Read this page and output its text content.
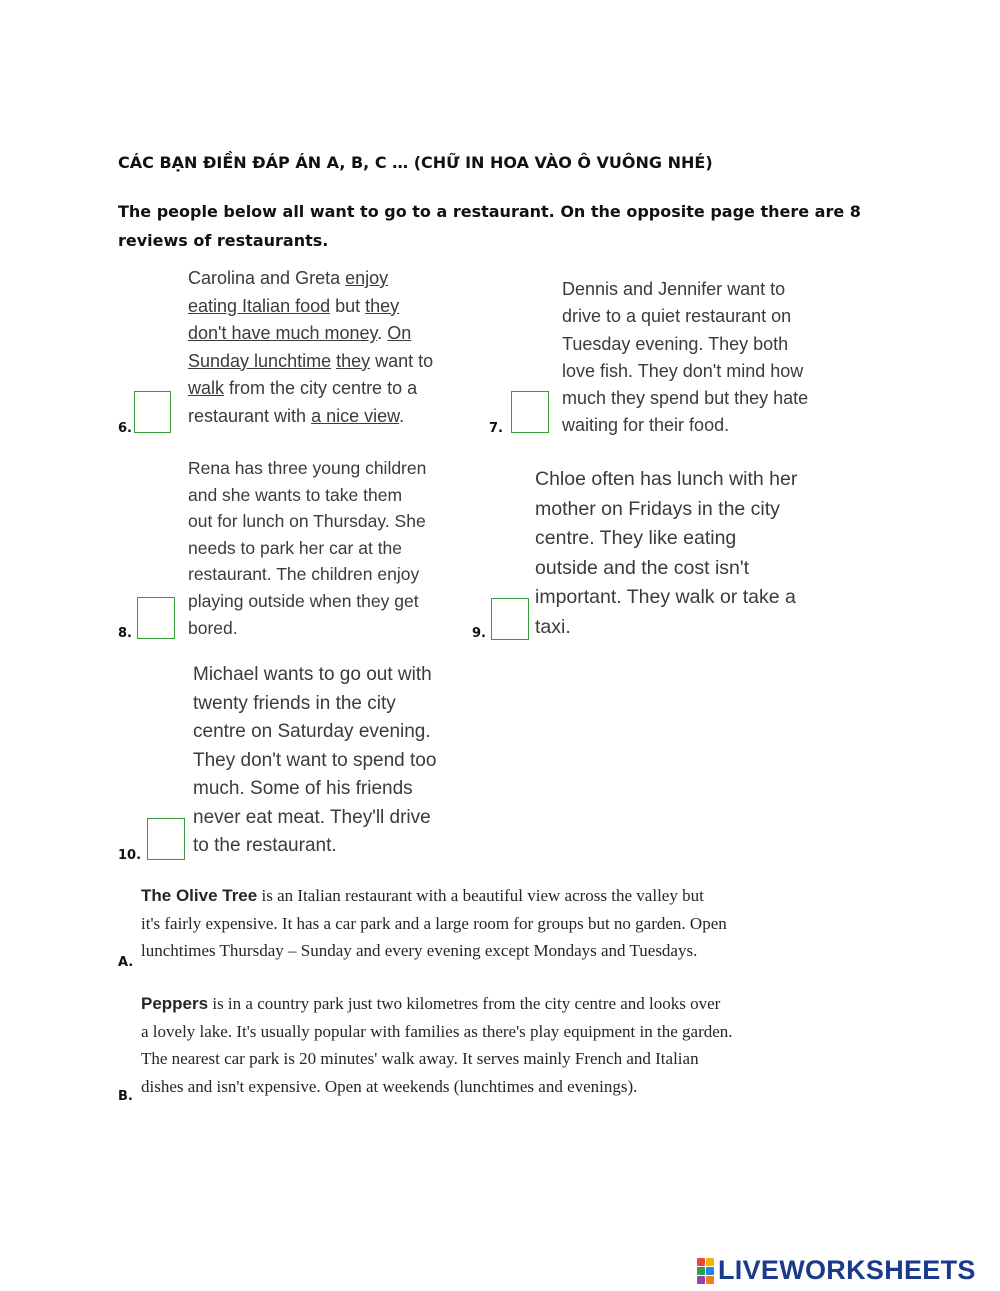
CÁC BẠN ĐIỀN ĐÁP ÁN A, B, C … (CHỮ IN HOA VÀO Ô VUÔNG NHÉ)
The people below all want to go to a restaurant. On the opposite page there are 8 reviews of restaurants.
6.
Carolina and Greta enjoy
eating Italian food but they
don't have much money. On
Sunday lunchtime they want to
walk from the city centre to a
restaurant with a nice view.
7.
Dennis and Jennifer want to
drive to a quiet restaurant on
Tuesday evening. They both
love fish. They don't mind how
much they spend but they hate
waiting for their food.
8.
Rena has three young children
and she wants to take them
out for lunch on Thursday. She
needs to park her car at the
restaurant. The children enjoy
playing outside when they get
bored.	9.
Chloe often has lunch with her
mother on Fridays in the city
centre. They like eating
outside and the cost isn't
important. They walk or take a
taxi.
10.
Michael wants to go out with
twenty friends in the city
centre on Saturday evening.
They don't want to spend too
much. Some of his friends
never eat meat. They'll drive
to the restaurant.
A.
The Olive Tree is an Italian restaurant with a beautiful view across the valley but
it's fairly expensive. It has a car park and a large room for groups but no garden. Open
lunchtimes Thursday – Sunday and every evening except Mondays and Tuesdays.
B.
Peppers is in a country park just two kilometres from the city centre and looks over
a lovely lake. It's usually popular with families as there's play equipment in the garden.
The nearest car park is 20 minutes' walk away. It serves mainly French and Italian
dishes and isn't expensive. Open at weekends (lunchtimes and evenings).
LIVEWORKSHEETS
